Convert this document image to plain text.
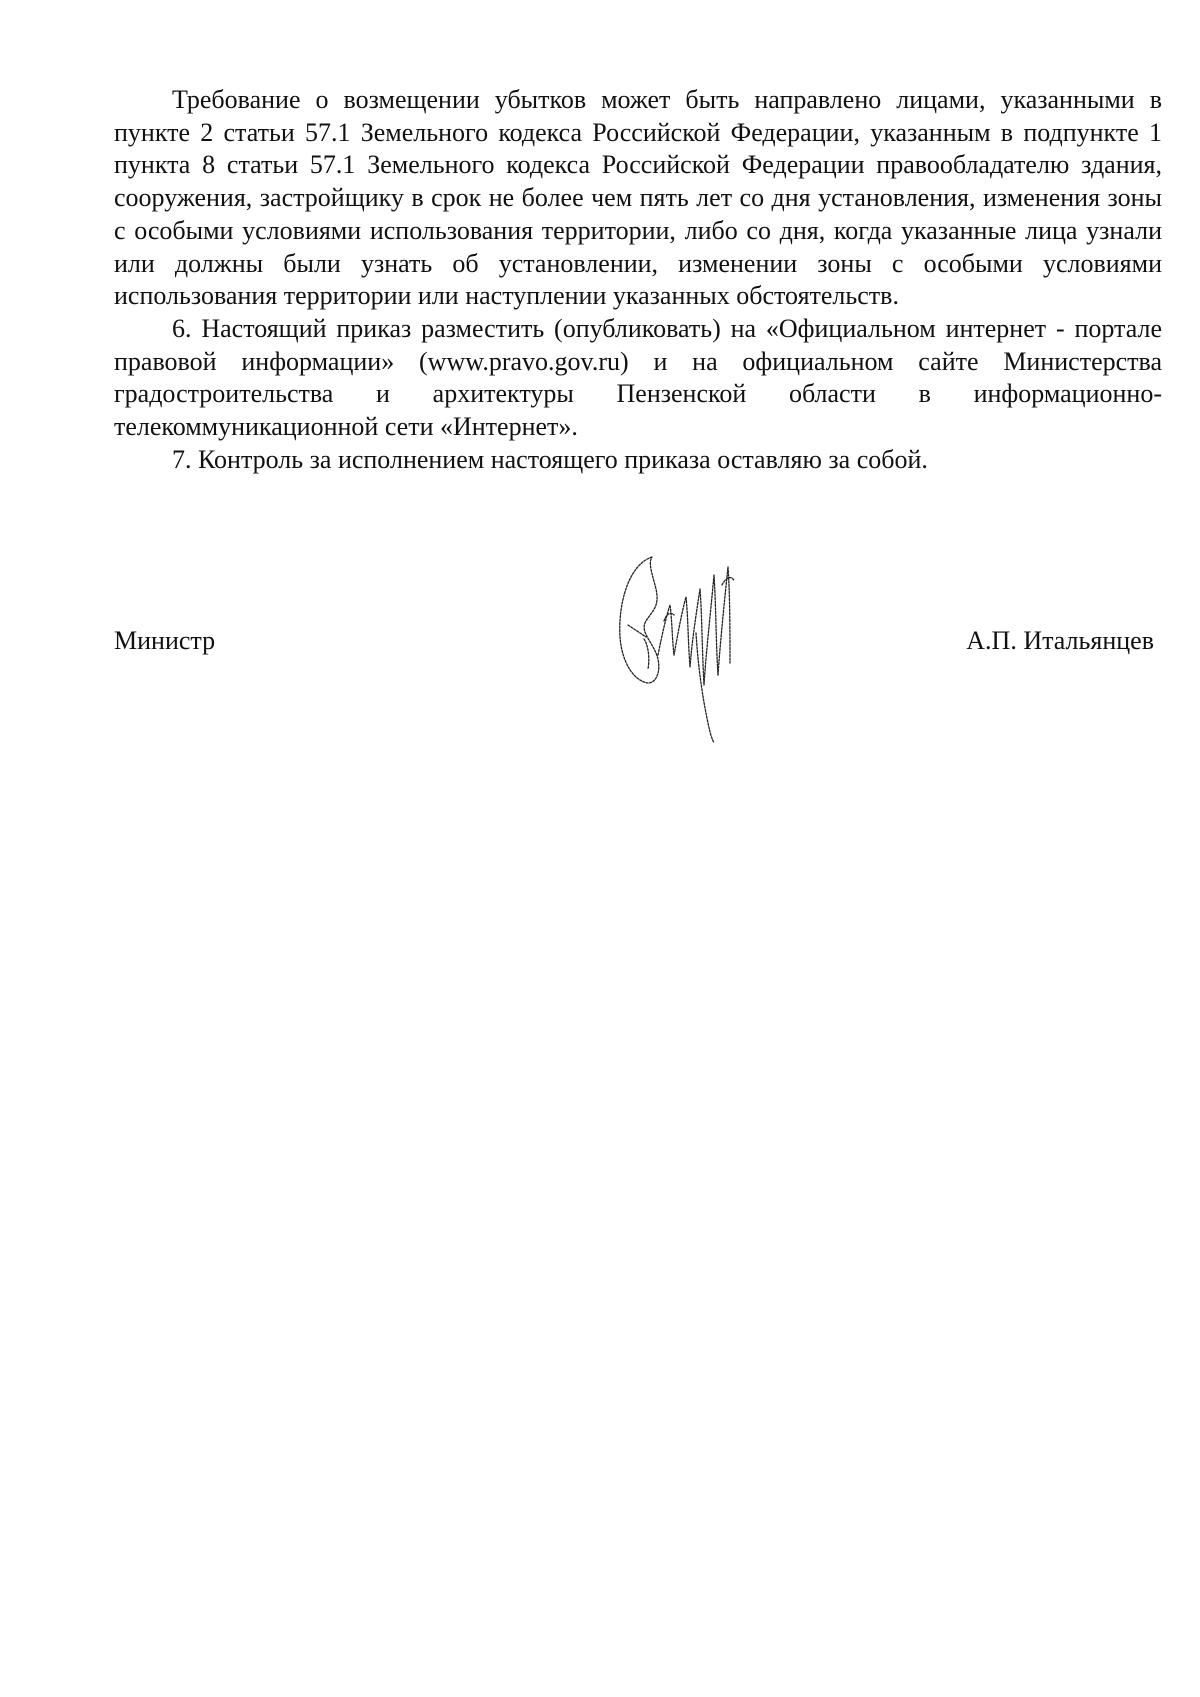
Требование о возмещении убытков может быть направлено лицами, указанными в пункте 2 статьи 57.1 Земельного кодекса Российской Федерации, указанным в подпункте 1 пункта 8 статьи 57.1 Земельного кодекса Российской Федерации правообладателю здания, сооружения, застройщику в срок не более чем пять лет со дня установления, изменения зоны с особыми условиями использования территории, либо со дня, когда указанные лица узнали или должны были узнать об установлении, изменении зоны с особыми условиями использования территории или наступлении указанных обстоятельств.

6. Настоящий приказ разместить (опубликовать) на «Официальном интернет - портале правовой информации» (www.pravo.gov.ru) и на официальном сайте Министерства градостроительства и архитектуры Пензенской области в информационно-телекоммуникационной сети «Интернет».

7. Контроль за исполнением настоящего приказа оставляю за собой.

Министр	А.П. Итальянцев
